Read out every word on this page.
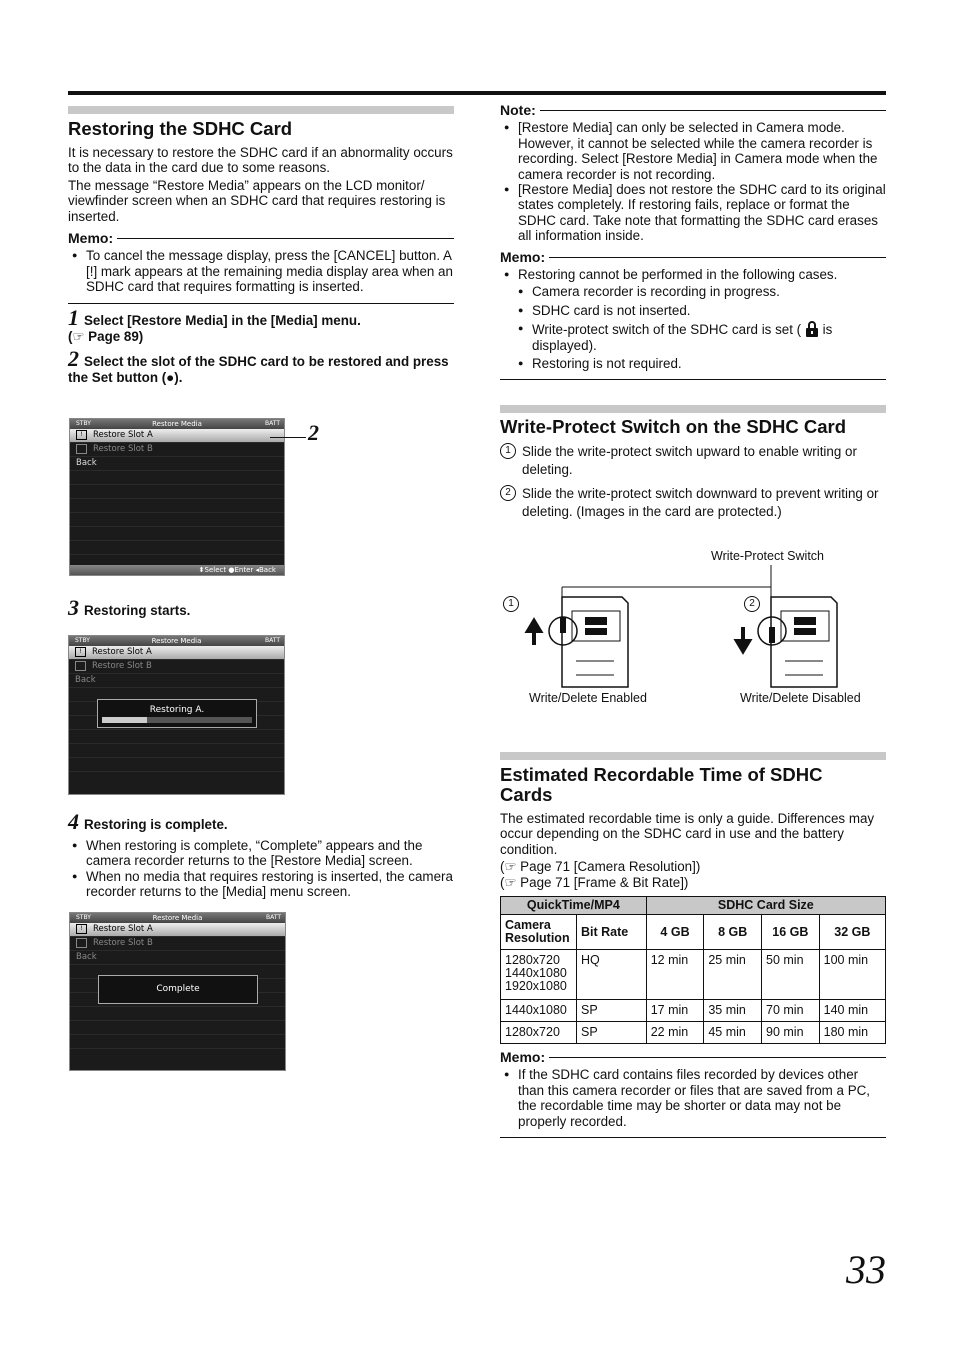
Restoring the SDHC Card

It is necessary to restore the SDHC card if an abnormality occurs to the data in the card due to some reasons.

The message “Restore Media” appears on the LCD monitor/ viewfinder screen when an SDHC card that requires restoring is inserted.

Memo:
● To cancel the message display, press the [CANCEL] button. A [!] mark appears at the remaining media display area when an SDHC card that requires formatting is inserted.
1 Select [Restore Media] in the [Media] menu.
(☞ Page 89)
2 Select the slot of the SDHC card to be restored and press the Set button (●).
STBY	Restore Media	BATT
! Restore Slot A
Restore Slot B
Back
⬍Select ●Enter ◂Back
2
3 Restoring starts.
STBY	Restore Media	BATT
! Restore Slot A
Restore Slot B
Back
Restoring A.
4 Restoring is complete.
● When restoring is complete, “Complete” appears and the camera recorder returns to the [Restore Media] screen.
● When no media that requires restoring is inserted, the camera recorder returns to the [Media] menu screen.
STBY	Restore Media	BATT
! Restore Slot A
Restore Slot B
Back
Complete
Note:
● [Restore Media] can only be selected in Camera mode. However, it cannot be selected while the camera recorder is recording. Select [Restore Media] in Camera mode when the camera recorder is not recording.
● [Restore Media] does not restore the SDHC card to its original states completely. If restoring fails, replace or format the SDHC card. Take note that formatting the SDHC card erases all information inside.
Memo:
● Restoring cannot be performed in the following cases.
● Camera recorder is recording in progress.
● SDHC card is not inserted.
● Write-protect switch of the SDHC card is set (  is displayed).
● Restoring is not required.
Write-Protect Switch on the SDHC Card
1 Slide the write-protect switch upward to enable writing or deleting.
2 Slide the write-protect switch downward to prevent writing or deleting. (Images in the card are protected.)
Write-Protect Switch
1	2
Write/Delete Enabled	Write/Delete Disabled
Estimated Recordable Time of SDHC
Cards

The estimated recordable time is only a guide. Differences may occur depending on the SDHC card in use and the battery condition.

(☞ Page 71 [Camera Resolution])

(☞ Page 71 [Frame & Bit Rate])

QuickTime/MP4		SDHC Card Size			
Camera Resolution	Bit Rate	4 GB	8 GB	16 GB	32 GB
1280x720
1440x1080
1920x1080	HQ	12 min	25 min	50 min	100 min
1440x1080	SP	17 min	35 min	70 min	140 min
1280x720	SP	22 min	45 min	90 min	180 min
Memo:
● If the SDHC card contains files recorded by devices other than this camera recorder or files that are saved from a PC, the recordable time may be shorter or data may not be properly recorded.
33
